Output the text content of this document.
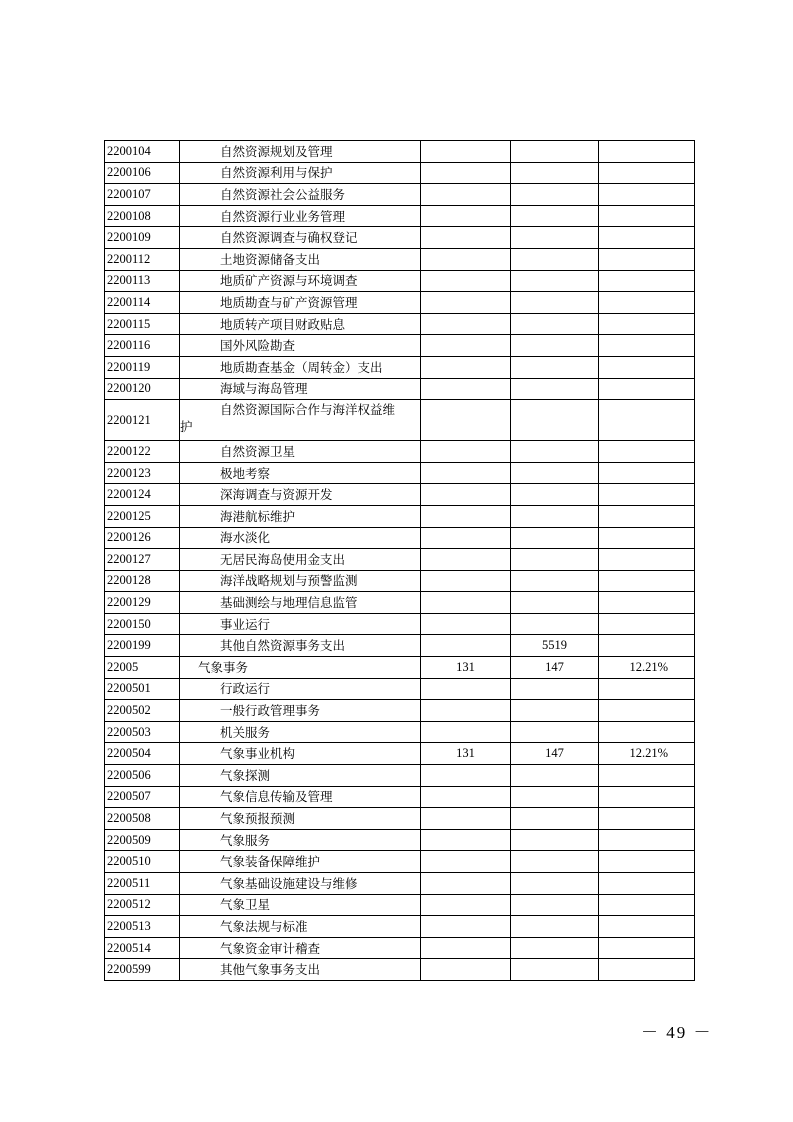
2200104	自然资源规划及管理			
2200106	自然资源利用与保护			
2200107	自然资源社会公益服务			
2200108	自然资源行业业务管理			
2200109	自然资源调查与确权登记			
2200112	土地资源储备支出			
2200113	地质矿产资源与环境调查			
2200114	地质勘查与矿产资源管理			
2200115	地质转产项目财政贴息			
2200116	国外风险勘查			
2200119	地质勘查基金（周转金）支出			
2200120	海域与海岛管理			
2200121	自然资源国际合作与海洋权益维
护			

2200122	自然资源卫星			
2200123	极地考察			
2200124	深海调查与资源开发			
2200125	海港航标维护			
2200126	海水淡化			
2200127	无居民海岛使用金支出			
2200128	海洋战略规划与预警监测			
2200129	基础测绘与地理信息监管			
2200150	事业运行			
2200199	其他自然资源事务支出		5519	
22005	气象事务	131	147	12.21%
2200501	行政运行			
2200502	一般行政管理事务			
2200503	机关服务			
2200504	气象事业机构	131	147	12.21%
2200506	气象探测			
2200507	气象信息传输及管理			
2200508	气象预报预测			
2200509	气象服务			
2200510	气象装备保障维护			
2200511	气象基础设施建设与维修			
2200512	气象卫星			
2200513	气象法规与标准			
2200514	气象资金审计稽查			
2200599	其他气象事务支出			
－ 49 －
